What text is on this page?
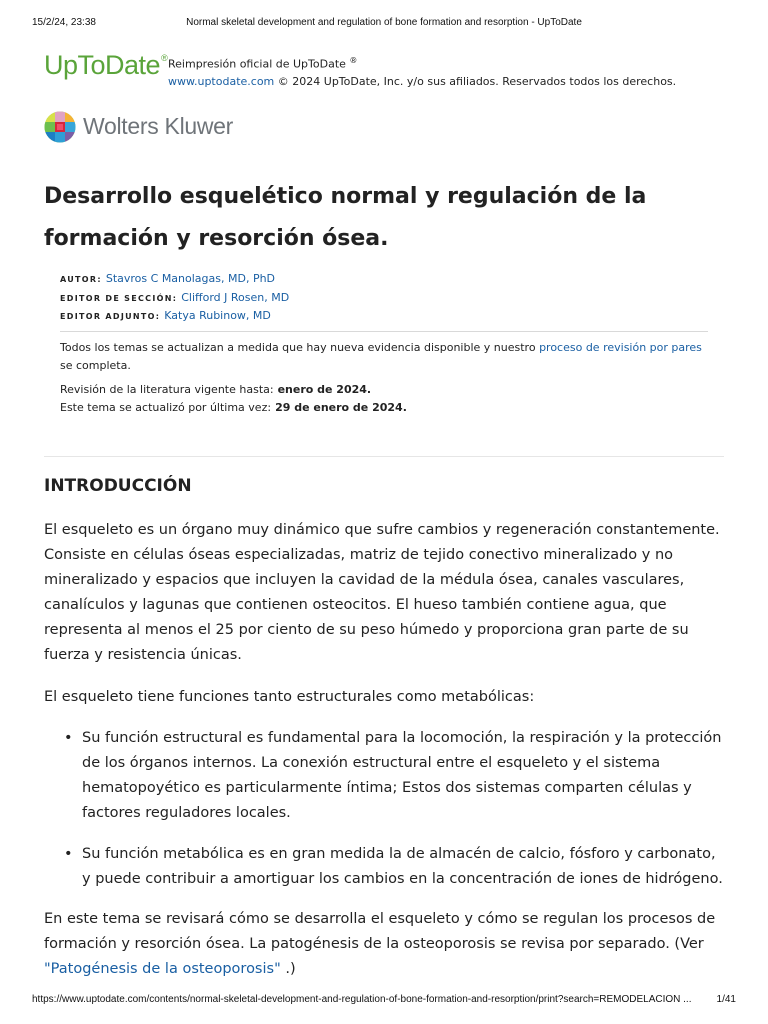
15/2/24, 23:38	Normal skeletal development and regulation of bone formation and resorption - UpToDate
UpToDate® Reimpresión oficial de UpToDate ®
www.uptodate.com © 2024 UpToDate, Inc. y/o sus afiliados. Reservados todos los derechos.
Wolters Kluwer
Desarrollo esquelético normal y regulación de la
formación y resorción ósea.
AUTOR: Stavros C Manolagas, MD, PhD
EDITOR DE SECCIÓN: Clifford J Rosen, MD
EDITOR ADJUNTO: Katya Rubinow, MD
Todos los temas se actualizan a medida que hay nueva evidencia disponible y nuestro proceso de revisión por pares se completa.
Revisión de la literatura vigente hasta: enero de 2024.
Este tema se actualizó por última vez: 29 de enero de 2024.
INTRODUCCIÓN

El esqueleto es un órgano muy dinámico que sufre cambios y regeneración constantemente. Consiste en células óseas especializadas, matriz de tejido conectivo mineralizado y no mineralizado y espacios que incluyen la cavidad de la médula ósea, canales vasculares, canalículos y lagunas que contienen osteocitos. El hueso también contiene agua, que representa al menos el 25 por ciento de su peso húmedo y proporciona gran parte de su fuerza y resistencia únicas.

El esqueleto tiene funciones tanto estructurales como metabólicas:

• Su función estructural es fundamental para la locomoción, la respiración y la protección de los órganos internos. La conexión estructural entre el esqueleto y el sistema hematopoyético es particularmente íntima; Estos dos sistemas comparten células y factores reguladores locales.
• Su función metabólica es en gran medida la de almacén de calcio, fósforo y carbonato, y puede contribuir a amortiguar los cambios en la concentración de iones de hidrógeno.

En este tema se revisará cómo se desarrolla el esqueleto y cómo se regulan los procesos de formación y resorción ósea. La patogénesis de la osteoporosis se revisa por separado. (Ver
"Patogénesis de la osteoporosis" .)

https://www.uptodate.com/contents/normal-skeletal-development-and-regulation-of-bone-formation-and-resorption/print?search=REMODELACION ...	1/41
